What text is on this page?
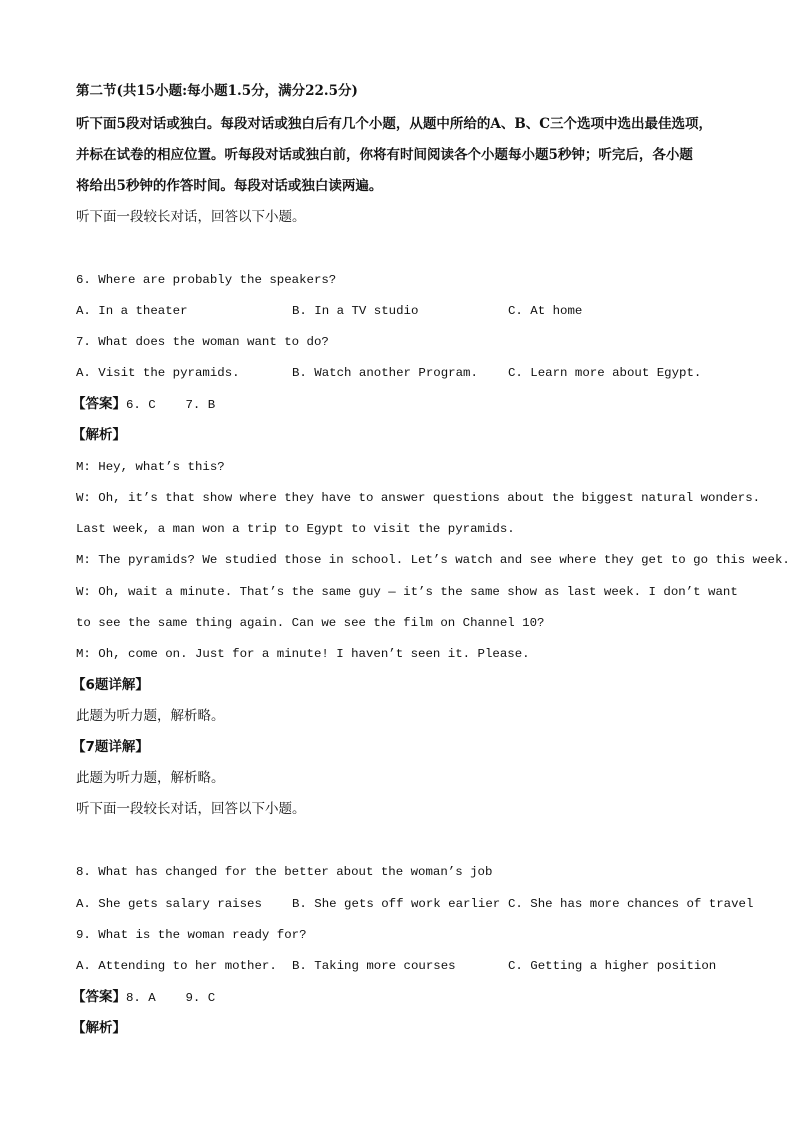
第二节(共15小题:每小题1.5分，满分22.5分)
听下面5段对话或独白。每段对话或独白后有几个小题，从题中所给的A、B、C三个选项中选出最佳选项，
并标在试卷的相应位置。听每段对话或独白前，你将有时间阅读各个小题每小题5秒钟；听完后，各小题
将给出5秒钟的作答时间。每段对话或独白读两遍。
听下面一段较长对话，回答以下小题。
6. Where are probably the speakers?
A. In a theater	B. In a TV studio	C. At home
7. What does the woman want to do?
A. Visit the pyramids.	B. Watch another Program. C. Learn more about Egypt.
【答案】6. C    7. B
【解析】
M: Hey, what’s this?
W: Oh, it’s that show where they have to answer questions about the biggest natural wonders.
Last week, a man won a trip to Egypt to visit the pyramids.
M: The pyramids? We studied those in school. Let’s watch and see where they get to go this week.
W: Oh, wait a minute. That’s the same guy — it’s the same show as last week. I don’t want
to see the same thing again. Can we see the film on Channel 10?
M: Oh, come on. Just for a minute! I haven’t seen it. Please.
【6题详解】
此题为听力题，解析略。
【7题详解】
此题为听力题，解析略。
听下面一段较长对话，回答以下小题。
8. What has changed for the better about the woman’s job
A. She gets salary raises B. She gets off work earlier C. She has more chances of travel
9. What is the woman ready for?
A. Attending to her mother. B. Taking more courses	C. Getting a higher position
【答案】8. A    9. C
【解析】
